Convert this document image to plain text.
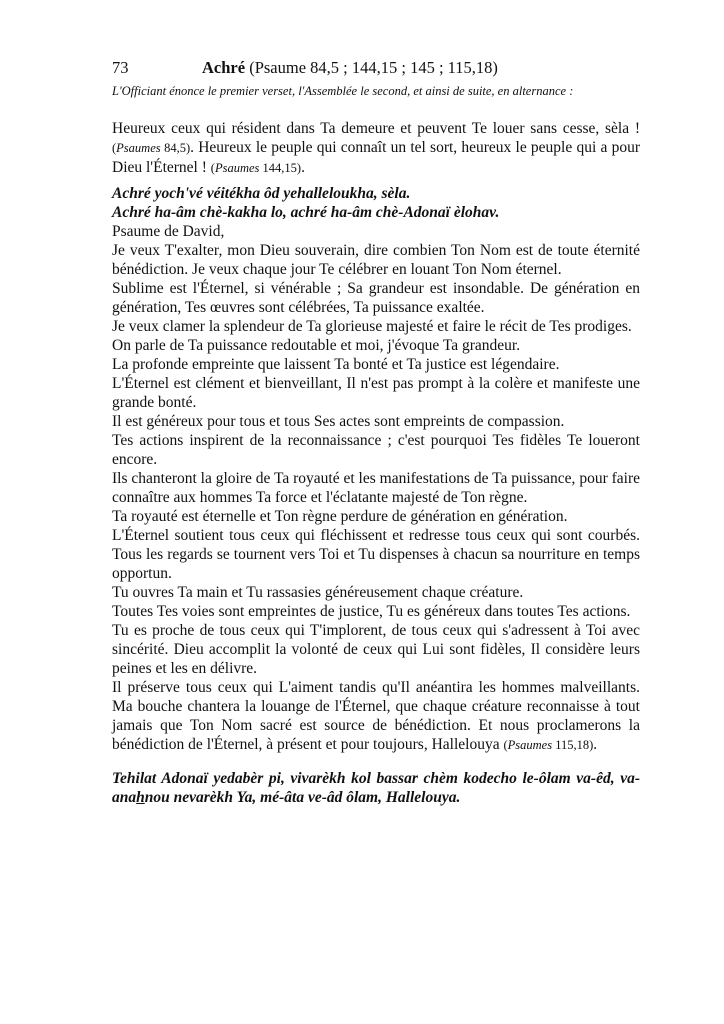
73	Achré (Psaume 84,5 ; 144,15 ; 145 ; 115,18)
L'Officiant énonce le premier verset, l'Assemblée le second, et ainsi de suite, en alternance :
Heureux ceux qui résident dans Ta demeure et peuvent Te louer sans cesse, sèla ! (Psaumes 84,5). Heureux le peuple qui connaît un tel sort, heureux le peuple qui a pour Dieu l'Éternel ! (Psaumes 144,15).
Achré yoch'vé véitékha ôd yehalleloukha, sèla.
Achré ha-âm chè-kakha lo, achré ha-âm chè-Adonaï èlohav.
Psaume de David,
Je veux T'exalter, mon Dieu souverain, dire combien Ton Nom est de toute éternité bénédiction. Je veux chaque jour Te célébrer en louant Ton Nom éternel.
Sublime est l'Éternel, si vénérable ; Sa grandeur est insondable. De génération en génération, Tes œuvres sont célébrées, Ta puissance exaltée.
Je veux clamer la splendeur de Ta glorieuse majesté et faire le récit de Tes prodiges.
On parle de Ta puissance redoutable et moi, j'évoque Ta grandeur.
La profonde empreinte que laissent Ta bonté et Ta justice est légendaire.
L'Éternel est clément et bienveillant, Il n'est pas prompt à la colère et manifeste une grande bonté.
Il est généreux pour tous et tous Ses actes sont empreints de compassion.
Tes actions inspirent de la reconnaissance ; c'est pourquoi Tes fidèles Te loueront encore.
Ils chanteront la gloire de Ta royauté et les manifestations de Ta puissance, pour faire connaître aux hommes Ta force et l'éclatante majesté de Ton règne.
Ta royauté est éternelle et Ton règne perdure de génération en génération.
L'Éternel soutient tous ceux qui fléchissent et redresse tous ceux qui sont courbés. Tous les regards se tournent vers Toi et Tu dispenses à chacun sa nourriture en temps opportun.
Tu ouvres Ta main et Tu rassasies généreusement chaque créature.
Toutes Tes voies sont empreintes de justice, Tu es généreux dans toutes Tes actions.
Tu es proche de tous ceux qui T'implorent, de tous ceux qui s'adressent à Toi avec sincérité. Dieu accomplit la volonté de ceux qui Lui sont fidèles, Il considère leurs peines et les en délivre.
Il préserve tous ceux qui L'aiment tandis qu'Il anéantira les hommes malveillants. Ma bouche chantera la louange de l'Éternel, que chaque créature reconnaisse à tout jamais que Ton Nom sacré est source de bénédiction. Et nous proclamerons la bénédiction de l'Éternel, à présent et pour toujours, Hallelouya (Psaumes 115,18).
Tehilat Adonaï yedabèr pi, vivarèkh kol bassar chèm kodecho le-ôlam va-êd, va-anahnou nevarèkh Ya, mé-âta ve-âd ôlam, Hallelouya.
